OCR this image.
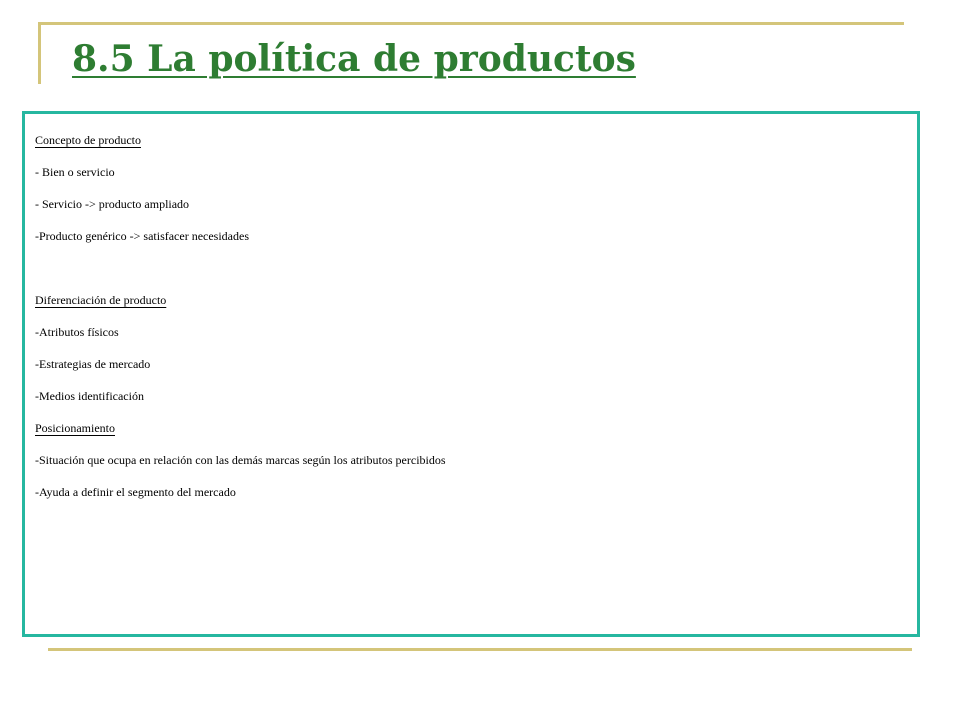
8.5 La política de productos
Concepto de producto
- Bien o servicio
- Servicio -> producto ampliado
-Producto genérico -> satisfacer necesidades
Diferenciación de producto
-Atributos físicos
-Estrategias de mercado
-Medios identificación
Posicionamiento
-Situación que ocupa en relación con las demás marcas según los atributos percibidos
-Ayuda a definir el segmento del mercado
